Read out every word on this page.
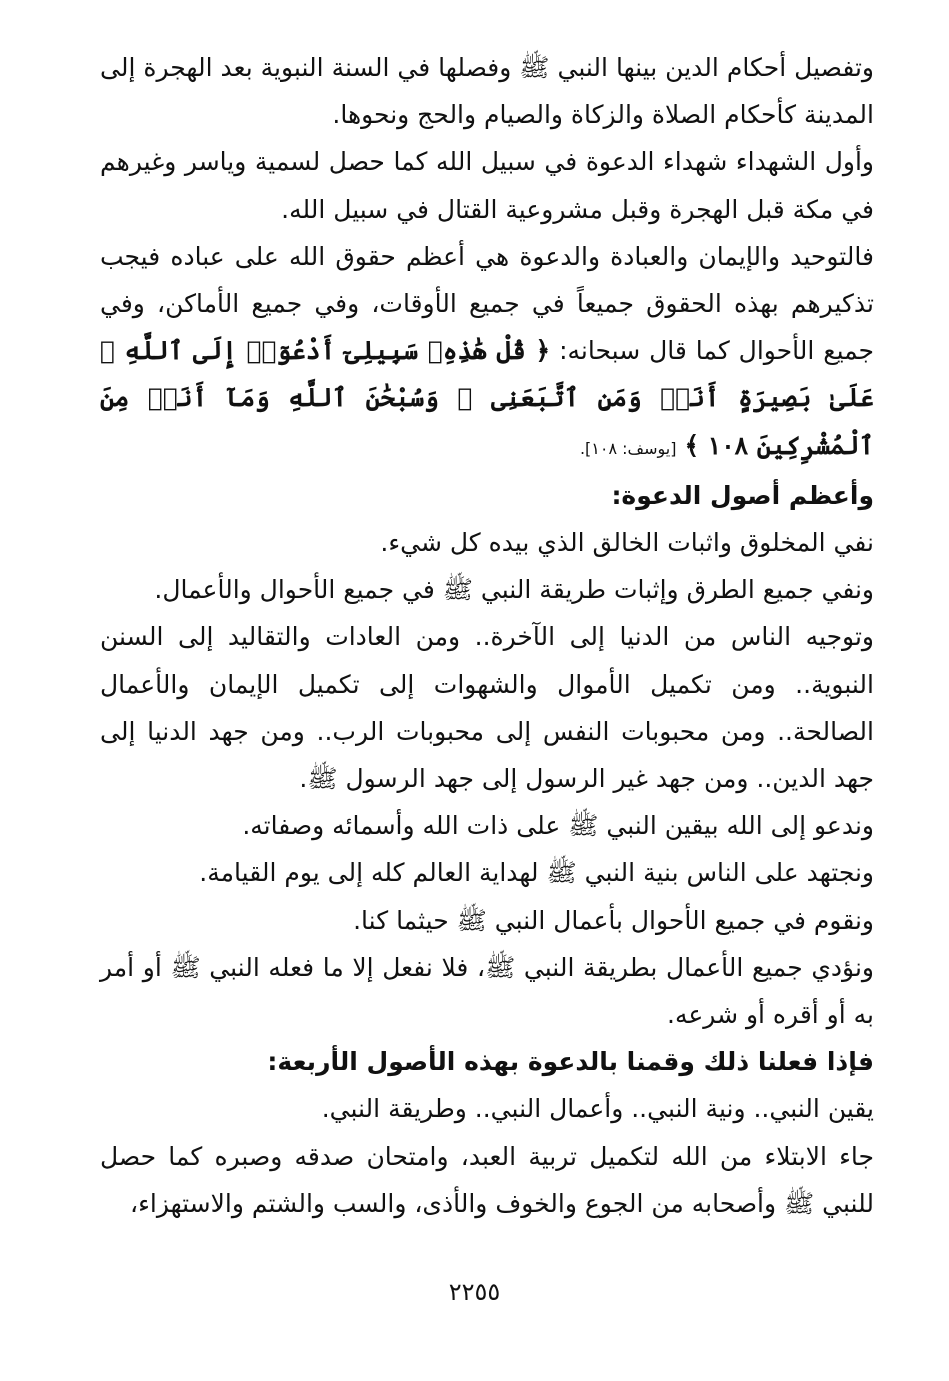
وتفصيل أحكام الدين بينها النبي ﷺ وفصلها في السنة النبوية بعد الهجرة إلى المدينة كأحكام الصلاة والزكاة والصيام والحج ونحوها.

وأول الشهداء شهداء الدعوة في سبيل الله كما حصل لسمية وياسر وغيرهم في مكة قبل الهجرة وقبل مشروعية القتال في سبيل الله.

فالتوحيد والإيمان والعبادة والدعوة هي أعظم حقوق الله على عباده فيجب تذكيرهم بهذه الحقوق جميعاً في جميع الأوقات، وفي جميع الأماكن، وفي جميع الأحوال كما قال سبحانه: ﴿ قُلْ هَٰذِهِۦ سَبِيلِىٓ أَدْعُوٓا۟ إِلَى ٱللَّهِ ۚ عَلَىٰ بَصِيرَةٍ أَنَا۠ وَمَنِ ٱتَّبَعَنِى ۖ وَسُبْحَٰنَ ٱللَّهِ وَمَآ أَنَا۠ مِنَ ٱلْمُشْرِكِينَ ١٠٨ ﴾ [يوسف: ١٠٨].

وأعظم أصول الدعوة:

نفي المخلوق واثبات الخالق الذي بيده كل شيء.

ونفي جميع الطرق وإثبات طريقة النبي ﷺ في جميع الأحوال والأعمال.

وتوجيه الناس من الدنيا إلى الآخرة.. ومن العادات والتقاليد إلى السنن النبوية.. ومن تكميل الأموال والشهوات إلى تكميل الإيمان والأعمال الصالحة.. ومن محبوبات النفس إلى محبوبات الرب.. ومن جهد الدنيا إلى جهد الدين.. ومن جهد غير الرسول إلى جهد الرسول ﷺ.

وندعو إلى الله بيقين النبي ﷺ على ذات الله وأسمائه وصفاته.

ونجتهد على الناس بنية النبي ﷺ لهداية العالم كله إلى يوم القيامة.

ونقوم في جميع الأحوال بأعمال النبي ﷺ حيثما كنا.

ونؤدي جميع الأعمال بطريقة النبي ﷺ، فلا نفعل إلا ما فعله النبي ﷺ أو أمر به أو أقره أو شرعه.

فإذا فعلنا ذلك وقمنا بالدعوة بهذه الأصول الأربعة:

يقين النبي.. ونية النبي.. وأعمال النبي.. وطريقة النبي.

جاء الابتلاء من الله لتكميل تربية العبد، وامتحان صدقه وصبره كما حصل للنبي ﷺ وأصحابه من الجوع والخوف والأذى، والسب والشتم والاستهزاء،

٢٢٥٥
